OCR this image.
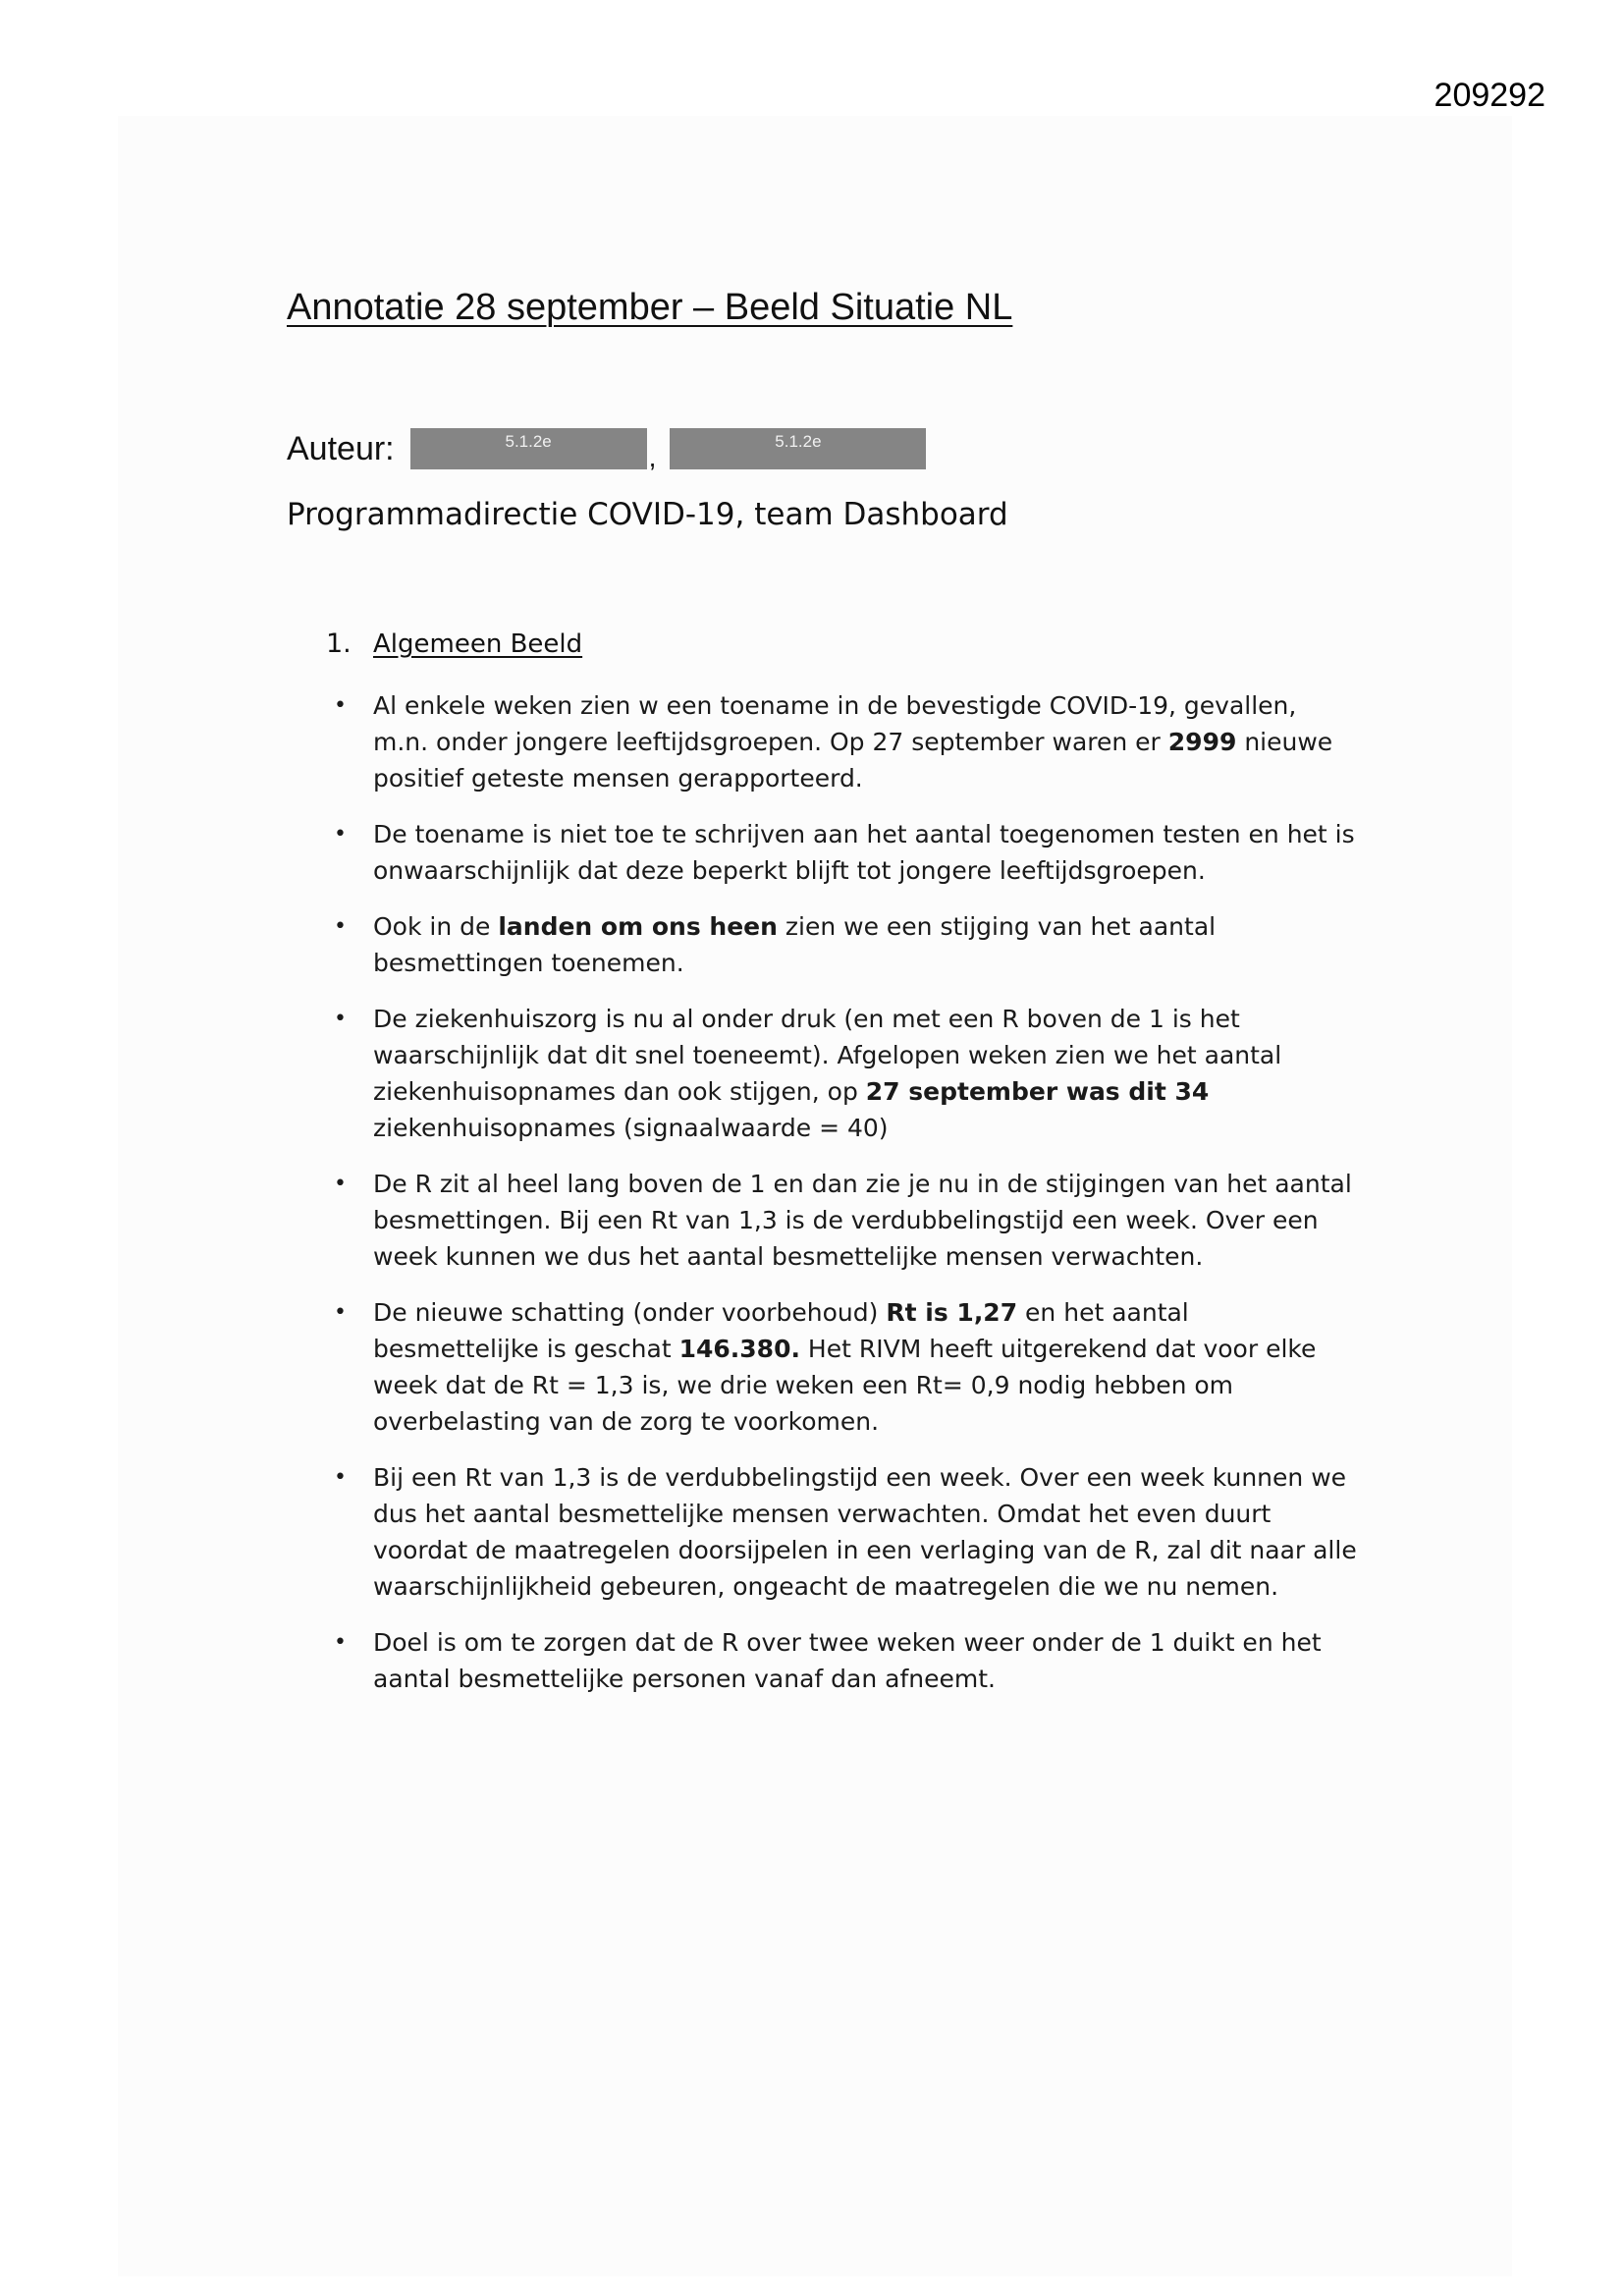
209292
Annotatie 28 september – Beeld Situatie NL
Auteur:	5.1.2e
,
5.1.2e
Programmadirectie COVID-19, team Dashboard
1. Algemeen Beeld
• Al enkele weken zien w een toename in de bevestigde COVID-19, gevallen, m.n. onder jongere leeftijdsgroepen. Op 27 september waren er 2999 nieuwe positief geteste mensen gerapporteerd.
• De toename is niet toe te schrijven aan het aantal toegenomen testen en het is onwaarschijnlijk dat deze beperkt blijft tot jongere leeftijdsgroepen.
• Ook in de landen om ons heen zien we een stijging van het aantal besmettingen toenemen.
• De ziekenhuiszorg is nu al onder druk (en met een R boven de 1 is het waarschijnlijk dat dit snel toeneemt). Afgelopen weken zien we het aantal ziekenhuisopnames dan ook stijgen, op 27 september was dit 34 ziekenhuisopnames (signaalwaarde = 40)
• De R zit al heel lang boven de 1 en dan zie je nu in de stijgingen van het aantal besmettingen. Bij een Rt van 1,3 is de verdubbelingstijd een week. Over een week kunnen we dus het aantal besmettelijke mensen verwachten.
• De nieuwe schatting (onder voorbehoud) Rt is 1,27 en het aantal besmettelijke is geschat 146.380. Het RIVM heeft uitgerekend dat voor elke week dat de Rt = 1,3 is, we drie weken een Rt= 0,9 nodig hebben om overbelasting van de zorg te voorkomen.
• Bij een Rt van 1,3 is de verdubbelingstijd een week. Over een week kunnen we dus het aantal besmettelijke mensen verwachten. Omdat het even duurt voordat de maatregelen doorsijpelen in een verlaging van de R, zal dit naar alle waarschijnlijkheid gebeuren, ongeacht de maatregelen die we nu nemen.
• Doel is om te zorgen dat de R over twee weken weer onder de 1 duikt en het aantal besmettelijke personen vanaf dan afneemt.
